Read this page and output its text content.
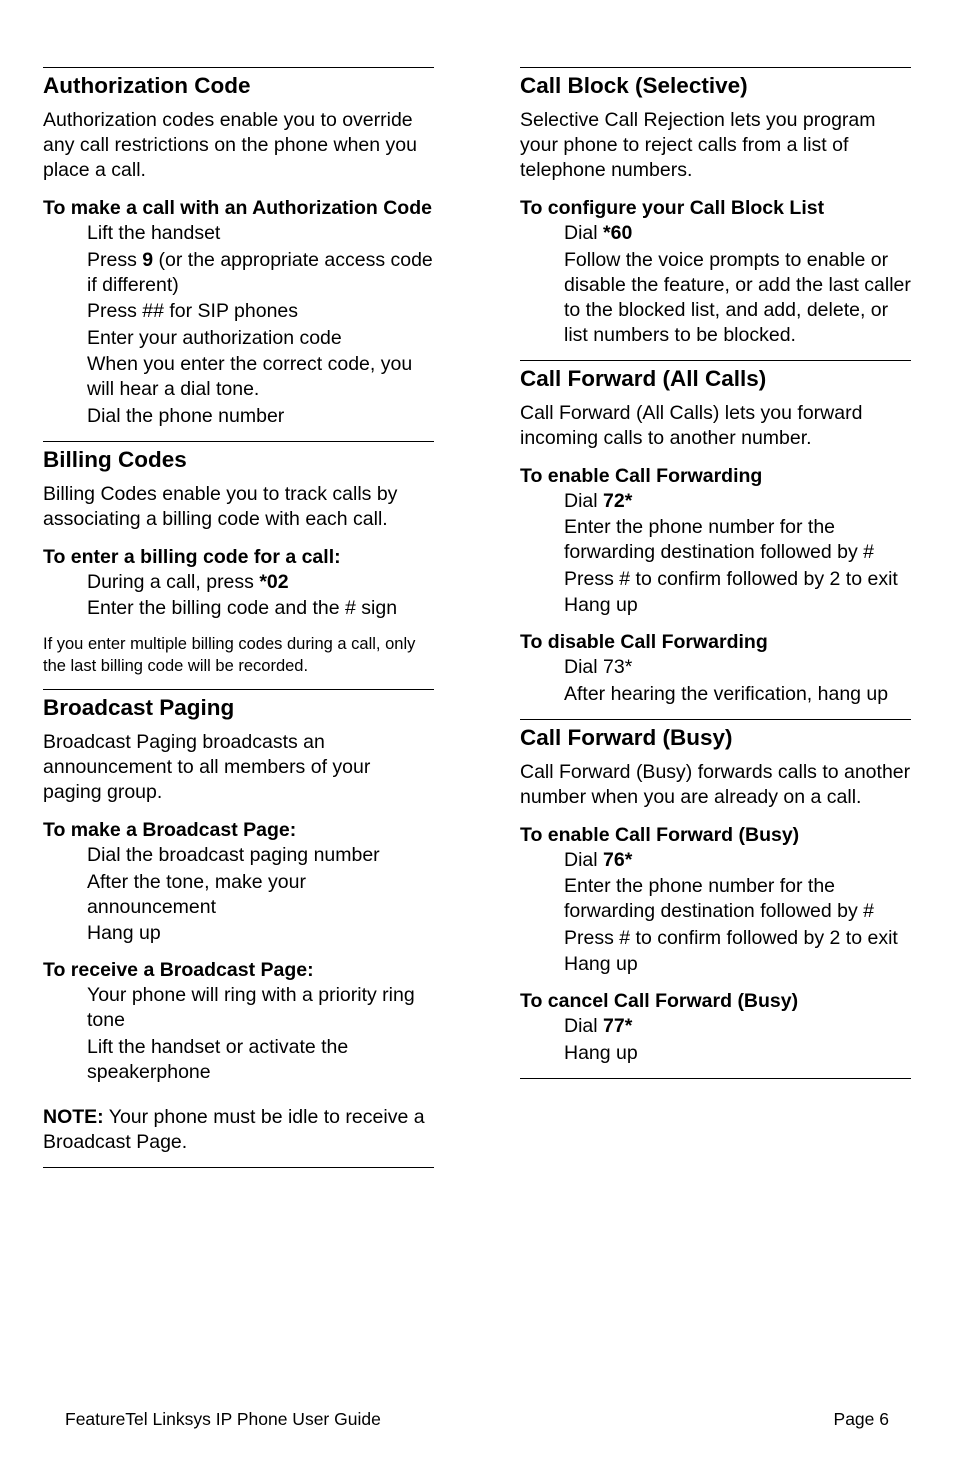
Authorization Code

Authorization codes enable you to override any call restrictions on the phone when you place a call.

To make a call with an Authorization Code
Lift the handset
Press 9 (or the appropriate access code if different)
Press ## for SIP phones
Enter your authorization code
When you enter the correct code, you will hear a dial tone.
Dial the phone number
Billing Codes

Billing Codes enable you to track calls by associating a billing code with each call.

To enter a billing code for a call:
During a call, press *02
Enter the billing code and the # sign

If you enter multiple billing codes during a call, only the last billing code will be recorded.

Broadcast Paging

Broadcast Paging broadcasts an announcement to all members of your paging group.

To make a Broadcast Page:
Dial the broadcast paging number
After the tone, make your announcement
Hang up
To receive a Broadcast Page:
Your phone will ring with a priority ring tone
Lift the handset or activate the speakerphone

NOTE: Your phone must be idle to receive a Broadcast Page.

Call Block (Selective)

Selective Call Rejection lets you program your phone to reject calls from a list of telephone numbers.

To configure your Call Block List
Dial *60
Follow the voice prompts to enable or disable the feature, or add the last caller to the blocked list, and add, delete, or list numbers to be blocked.
Call Forward (All Calls)

Call Forward (All Calls) lets you forward incoming calls to another number.

To enable Call Forwarding
Dial 72*
Enter the phone number for the forwarding destination followed by #
Press # to confirm followed by 2 to exit
Hang up
To disable Call Forwarding
Dial 73*
After hearing the verification, hang up
Call Forward (Busy)

Call Forward (Busy) forwards calls to another number when you are already on a call.

To enable Call Forward (Busy)
Dial 76*
Enter the phone number for the forwarding destination followed by #
Press # to confirm followed by 2 to exit
Hang up
To cancel Call Forward (Busy)
Dial 77*
Hang up
FeatureTel Linksys IP Phone User Guide	Page 6
